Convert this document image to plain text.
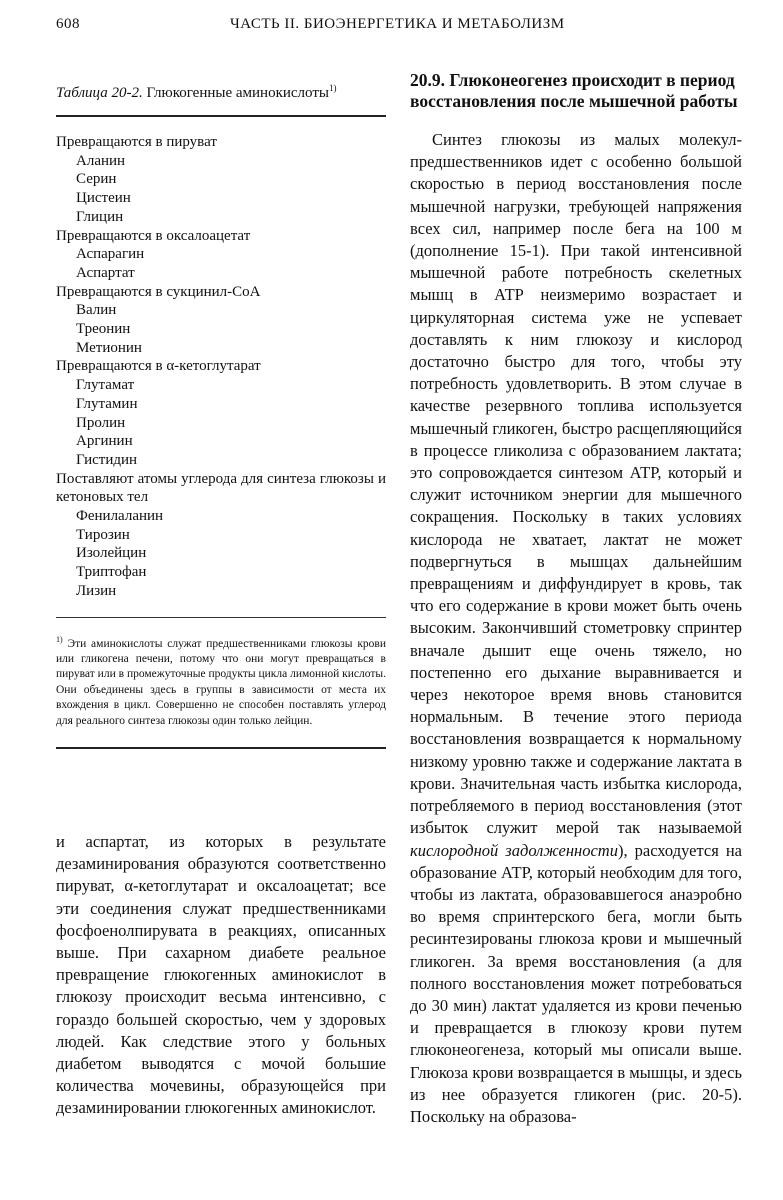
608	ЧАСТЬ II. БИОЭНЕРГЕТИКА И МЕТАБОЛИЗМ
Таблица 20-2. Глюкогенные аминокислоты$^{1)}$
Превращаются в пируват
Аланин
Серин
Цистеин
Глицин
Превращаются в оксалоацетат
Аспарагин
Аспартат
Превращаются в сукцинил-СоА
Валин
Треонин
Метионин
Превращаются в α-кетоглутарат
Глутамат
Глутамин
Пролин
Аргинин
Гистидин
Поставляют атомы углерода для синтеза глюкозы и кетоновых тел
Фенилаланин
Тирозин
Изолейцин
Триптофан
Лизин
$^{1)}$ Эти аминокислоты служат предшественниками глюкозы крови или гликогена печени, потому что они могут превращаться в пируват или в промежуточные продукты цикла лимонной кислоты. Они объединены здесь в группы в зависимости от места их вхождения в цикл. Совершенно не способен поставлять углерод для реального синтеза глюкозы один только лейцин.
и аспартат, из которых в результате дезаминирования образуются соответственно пируват, α-кетоглутарат и оксалоацетат; все эти соединения служат предшественниками фосфоенолпирувата в реакциях, описанных выше. При сахарном диабете реальное превращение глюкогенных аминокислот в глюкозу происходит весьма интенсивно, с гораздо большей скоростью, чем у здоровых людей. Как следствие этого у больных диабетом выводятся с мочой большие количества мочевины, образующейся при дезаминировании глюкогенных аминокислот.
20.9. Глюконеогенез происходит в период восстановления после мышечной работы
Синтез глюкозы из малых молекул-предшественников идет с особенно большой скоростью в период восстановления после мышечной нагрузки, требующей напряжения всех сил, например после бега на 100 м (дополнение 15-1). При такой интенсивной мышечной работе потребность скелетных мышц в АТР неизмеримо возрастает и циркуляторная система уже не успевает доставлять к ним глюкозу и кислород достаточно быстро для того, чтобы эту потребность удовлетворить. В этом случае в качестве резервного топлива используется мышечный гликоген, быстро расщепляющийся в процессе гликолиза с образованием лактата; это сопровождается синтезом АТР, который и служит источником энергии для мышечного сокращения. Поскольку в таких условиях кислорода не хватает, лактат не может подвергнуться в мышцах дальнейшим превращениям и диффундирует в кровь, так что его содержание в крови может быть очень высоким. Закончивший стометровку спринтер вначале дышит еще очень тяжело, но постепенно его дыхание выравнивается и через некоторое время вновь становится нормальным. В течение этого периода восстановления возвращается к нормальному низкому уровню также и содержание лактата в крови. Значительная часть избытка кислорода, потребляемого в период восстановления (этот избыток служит мерой так называемой кислородной задолженности), расходуется на образование АТР, который необходим для того, чтобы из лактата, образовавшегося анаэробно во время спринтерского бега, могли быть ресинтезированы глюкоза крови и мышечный гликоген. За время восстановления (а для полного восстановления может потребоваться до 30 мин) лактат удаляется из крови печенью и превращается в глюкозу крови путем глюконеогенеза, который мы описали выше. Глюкоза крови возвращается в мышцы, и здесь из нее образуется гликоген (рис. 20-5). Поскольку на образова-
